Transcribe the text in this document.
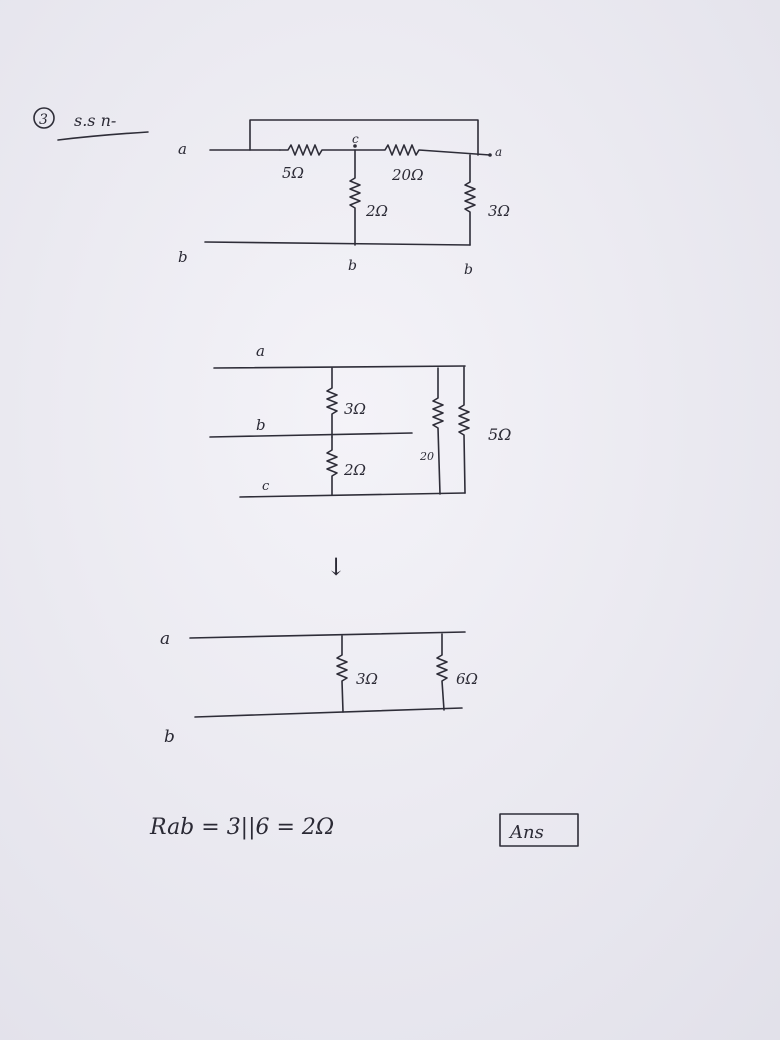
3 s.s n-
a
c
a
b	b	b
5Ω	20Ω
2Ω	3Ω
a
b
c
3Ω
2Ω
20
5Ω
↓
a
b
3Ω	6Ω
Rab = 3||6 = 2Ω	Ans
